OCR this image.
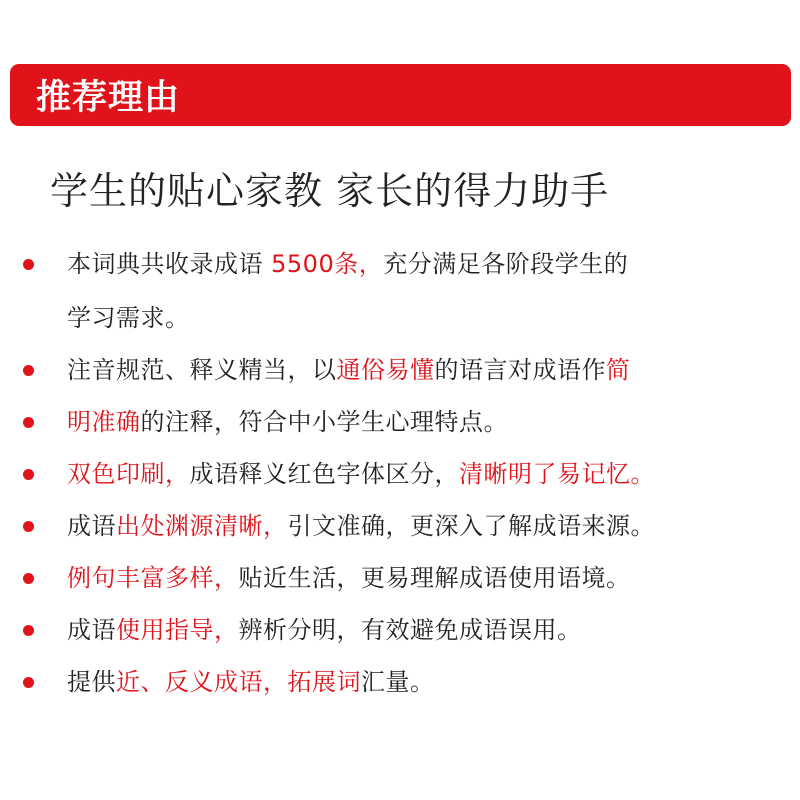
推荐理由
学生的贴心家教 家长的得力助手
本词典共收录成语 5500条，充分满足各阶段学生的
学习需求。
注音规范、释义精当，以通俗易懂的语言对成语作简
明准确的注释，符合中小学生心理特点。
双色印刷，成语释义红色字体区分，清晰明了易记忆。
成语出处渊源清晰，引文准确，更深入了解成语来源。
例句丰富多样，贴近生活，更易理解成语使用语境。
成语使用指导，辨析分明，有效避免成语误用。
提供近、反义成语，拓展词汇量。
